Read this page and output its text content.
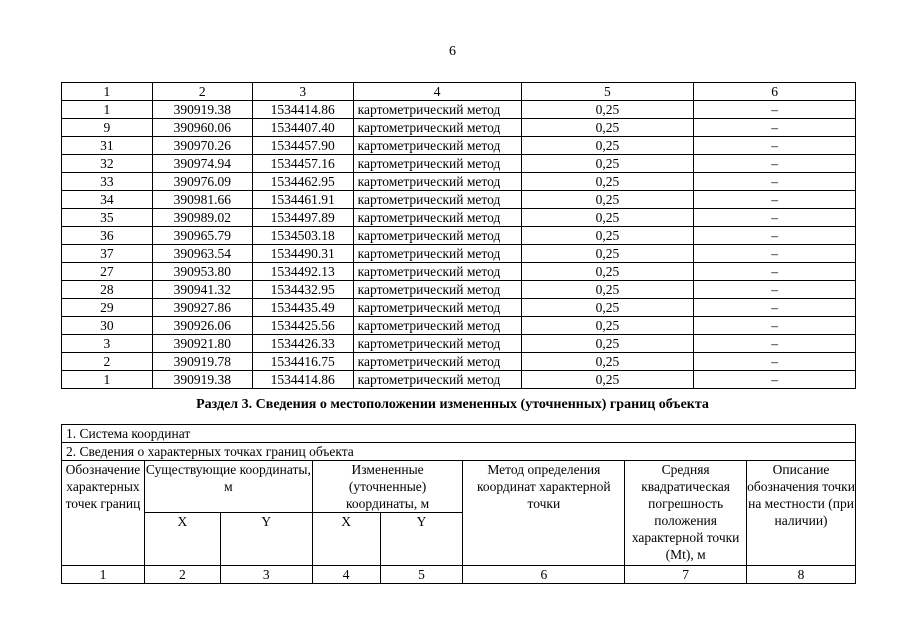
6
1	2	3	4	5	6
1	390919.38	1534414.86	картометрический метод	0,25	–
9	390960.06	1534407.40	картометрический метод	0,25	–
31	390970.26	1534457.90	картометрический метод	0,25	–
32	390974.94	1534457.16	картометрический метод	0,25	–
33	390976.09	1534462.95	картометрический метод	0,25	–
34	390981.66	1534461.91	картометрический метод	0,25	–
35	390989.02	1534497.89	картометрический метод	0,25	–
36	390965.79	1534503.18	картометрический метод	0,25	–
37	390963.54	1534490.31	картометрический метод	0,25	–
27	390953.80	1534492.13	картометрический метод	0,25	–
28	390941.32	1534432.95	картометрический метод	0,25	–
29	390927.86	1534435.49	картометрический метод	0,25	–
30	390926.06	1534425.56	картометрический метод	0,25	–
3	390921.80	1534426.33	картометрический метод	0,25	–
2	390919.78	1534416.75	картометрический метод	0,25	–
1	390919.38	1534414.86	картометрический метод	0,25	–
Раздел 3. Сведения о местоположении измененных (уточненных) границ объекта
1. Система координат							
2. Сведения о характерных точках границ объекта							
Обозначение характерных точек границ	Существующие координаты, м		Измененные (уточненные) координаты, м		Метод определения координат характерной точки	Средняя квадратическая погрешность положения характерной точки (Mt), м	Описание обозначения точки на местности (при наличии)
	X	Y	X	Y			
1	2	3	4	5	6	7	8
